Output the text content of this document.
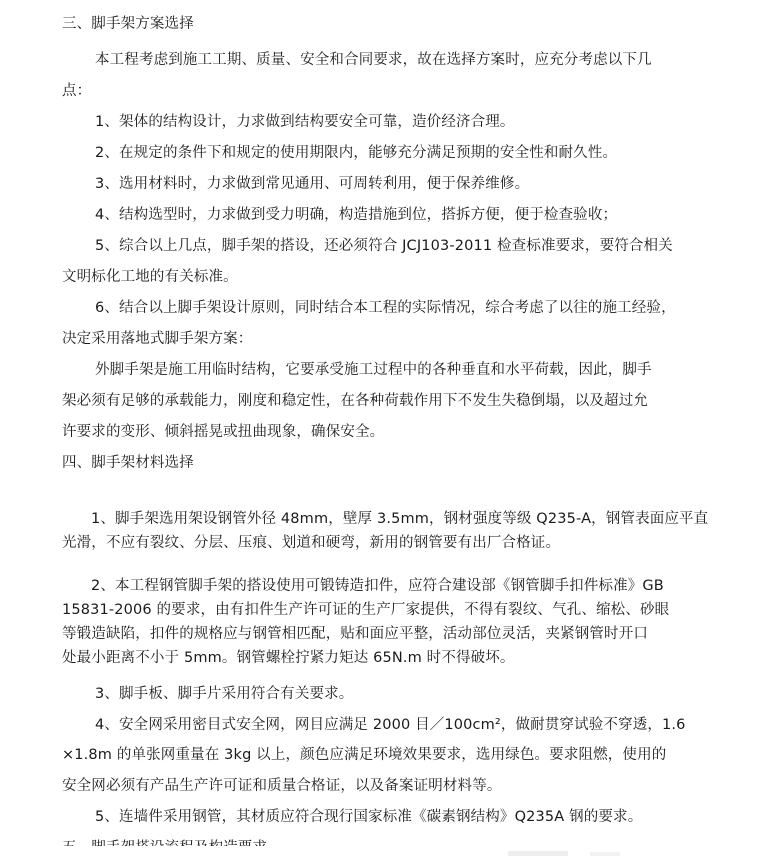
三、脚手架方案选择
本工程考虑到施工工期、质量、安全和合同要求，故在选择方案时，应充分考虑以下几
点：
1、架体的结构设计，力求做到结构要安全可靠，造价经济合理。
2、在规定的条件下和规定的使用期限内，能够充分满足预期的安全性和耐久性。
3、选用材料时，力求做到常见通用、可周转利用，便于保养维修。
4、结构选型时，力求做到受力明确，构造措施到位，搭拆方便，便于检查验收；
5、综合以上几点，脚手架的搭设，还必须符合 JCJ103-2011 检查标准要求，要符合相关
文明标化工地的有关标准。
6、结合以上脚手架设计原则，同时结合本工程的实际情况，综合考虑了以往的施工经验，
决定采用落地式脚手架方案：
外脚手架是施工用临时结构，它要承受施工过程中的各种垂直和水平荷载，因此，脚手
架必须有足够的承载能力，刚度和稳定性，在各种荷载作用下不发生失稳倒塌，以及超过允
许要求的变形、倾斜摇晃或扭曲现象，确保安全。
四、脚手架材料选择
1、脚手架选用架设钢管外径 48mm，壁厚 3.5mm，钢材强度等级 Q235-A，钢管表面应平直
光滑，不应有裂纹、分层、压痕、划道和硬弯，新用的钢管要有出厂合格证。
2、本工程钢管脚手架的搭设使用可锻铸造扣件，应符合建设部《钢管脚手扣件标准》GB
15831-2006 的要求，由有扣件生产许可证的生产厂家提供，不得有裂纹、气孔、缩松、砂眼
等锻造缺陷，扣件的规格应与钢管相匹配，贴和面应平整，活动部位灵活，夹紧钢管时开口
处最小距离不小于 5mm。钢管螺栓拧紧力矩达 65N.m 时不得破坏。
3、脚手板、脚手片采用符合有关要求。
4、安全网采用密目式安全网，网目应满足 2000 目／100cm²，做耐贯穿试验不穿透，1.6
×1.8m 的单张网重量在 3kg 以上，颜色应满足环境效果要求，选用绿色。要求阻燃，使用的
安全网必须有产品生产许可证和质量合格证，以及备案证明材料等。
5、连墙件采用钢管，其材质应符合现行国家标准《碳素钢结构》Q235A 钢的要求。
